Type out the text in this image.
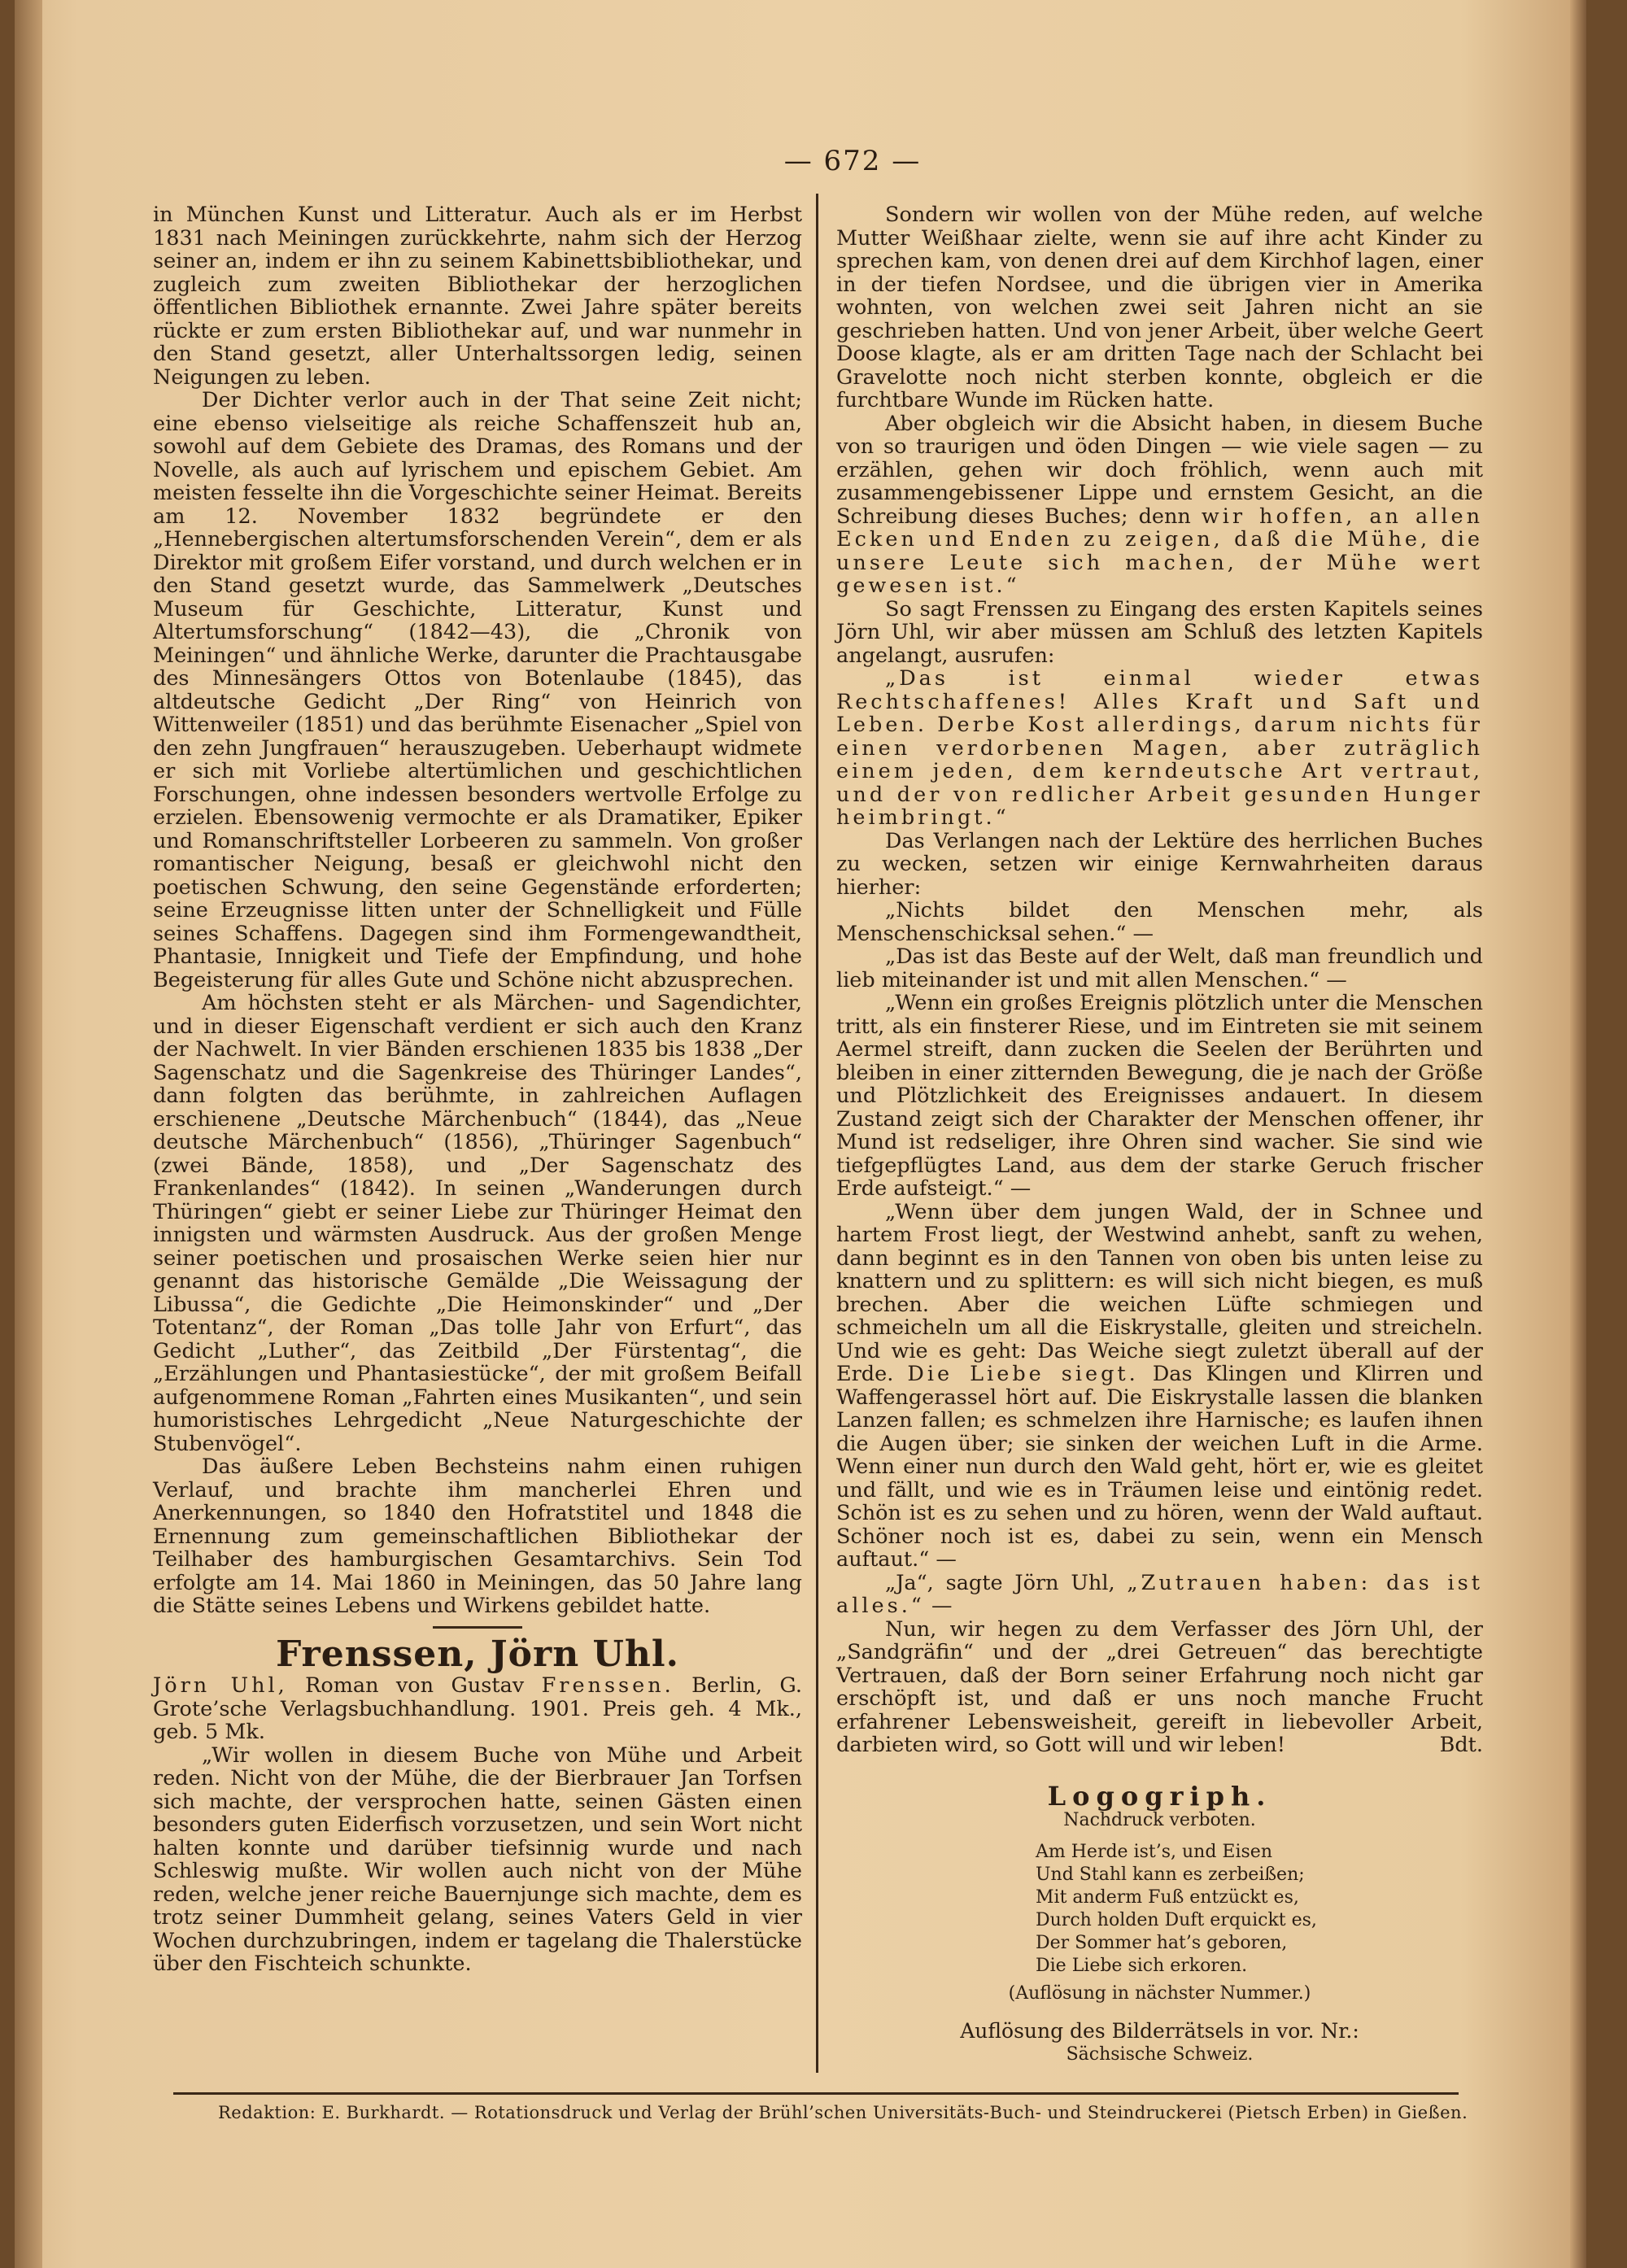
— 672 —

in München Kunst und Litteratur. Auch als er im Herbst 1831 nach Meiningen zurückkehrte, nahm sich der Herzog seiner an, indem er ihn zu seinem Kabinettsbibliothekar, und zugleich zum zweiten Bibliothekar der herzoglichen öffentlichen Bibliothek ernannte. Zwei Jahre später bereits rückte er zum ersten Bibliothekar auf, und war nunmehr in den Stand gesetzt, aller Unterhaltssorgen ledig, seinen Neigungen zu leben.

Der Dichter verlor auch in der That seine Zeit nicht; eine ebenso vielseitige als reiche Schaffenszeit hub an, sowohl auf dem Gebiete des Dramas, des Romans und der Novelle, als auch auf lyrischem und epischem Gebiet. Am meisten fesselte ihn die Vorgeschichte seiner Heimat. Bereits am 12. November 1832 begründete er den „Hennebergischen altertumsforschenden Verein“, dem er als Direktor mit großem Eifer vorstand, und durch welchen er in den Stand gesetzt wurde, das Sammelwerk „Deutsches Museum für Geschichte, Litteratur, Kunst und Altertumsforschung“ (1842—43), die „Chronik von Meiningen“ und ähnliche Werke, darunter die Prachtausgabe des Minnesängers Ottos von Botenlaube (1845), das altdeutsche Gedicht „Der Ring“ von Heinrich von Wittenweiler (1851) und das berühmte Eisenacher „Spiel von den zehn Jungfrauen“ herauszugeben. Ueberhaupt widmete er sich mit Vorliebe altertümlichen und geschichtlichen Forschungen, ohne indessen besonders wertvolle Erfolge zu erzielen. Ebensowenig vermochte er als Dramatiker, Epiker und Romanschriftsteller Lorbeeren zu sammeln. Von großer romantischer Neigung, besaß er gleichwohl nicht den poetischen Schwung, den seine Gegenstände erforderten; seine Erzeugnisse litten unter der Schnelligkeit und Fülle seines Schaffens. Dagegen sind ihm Formengewandtheit, Phantasie, Innigkeit und Tiefe der Empfindung, und hohe Begeisterung für alles Gute und Schöne nicht abzusprechen.

Am höchsten steht er als Märchen- und Sagendichter, und in dieser Eigenschaft verdient er sich auch den Kranz der Nachwelt. In vier Bänden erschienen 1835 bis 1838 „Der Sagenschatz und die Sagenkreise des Thüringer Landes“, dann folgten das berühmte, in zahlreichen Auflagen erschienene „Deutsche Märchenbuch“ (1844), das „Neue deutsche Märchenbuch“ (1856), „Thüringer Sagenbuch“ (zwei Bände, 1858), und „Der Sagenschatz des Frankenlandes“ (1842). In seinen „Wanderungen durch Thüringen“ giebt er seiner Liebe zur Thüringer Heimat den innigsten und wärmsten Ausdruck. Aus der großen Menge seiner poetischen und prosaischen Werke seien hier nur genannt das historische Gemälde „Die Weissagung der Libussa“, die Gedichte „Die Heimonskinder“ und „Der Totentanz“, der Roman „Das tolle Jahr von Erfurt“, das Gedicht „Luther“, das Zeitbild „Der Fürstentag“, die „Erzählungen und Phantasiestücke“, der mit großem Beifall aufgenommene Roman „Fahrten eines Musikanten“, und sein humoristisches Lehrgedicht „Neue Naturgeschichte der Stubenvögel“.

Das äußere Leben Bechsteins nahm einen ruhigen Verlauf, und brachte ihm mancherlei Ehren und Anerkennungen, so 1840 den Hofratstitel und 1848 die Ernennung zum gemeinschaftlichen Bibliothekar der Teilhaber des hamburgischen Gesamtarchivs. Sein Tod erfolgte am 14. Mai 1860 in Meiningen, das 50 Jahre lang die Stätte seines Lebens und Wirkens gebildet hatte.

Frenssen, Jörn Uhl.

Jörn Uhl, Roman von Gustav Frenssen. Berlin, G. Grote’sche Verlagsbuchhandlung. 1901. Preis geh. 4 Mk., geb. 5 Mk.

„Wir wollen in diesem Buche von Mühe und Arbeit reden. Nicht von der Mühe, die der Bierbrauer Jan Torfsen sich machte, der versprochen hatte, seinen Gästen einen besonders guten Eiderfisch vorzusetzen, und sein Wort nicht halten konnte und darüber tiefsinnig wurde und nach Schleswig mußte. Wir wollen auch nicht von der Mühe reden, welche jener reiche Bauernjunge sich machte, dem es trotz seiner Dummheit gelang, seines Vaters Geld in vier Wochen durchzubringen, indem er tagelang die Thalerstücke über den Fischteich schunkte.

Sondern wir wollen von der Mühe reden, auf welche Mutter Weißhaar zielte, wenn sie auf ihre acht Kinder zu sprechen kam, von denen drei auf dem Kirchhof lagen, einer in der tiefen Nordsee, und die übrigen vier in Amerika wohnten, von welchen zwei seit Jahren nicht an sie geschrieben hatten. Und von jener Arbeit, über welche Geert Doose klagte, als er am dritten Tage nach der Schlacht bei Gravelotte noch nicht sterben konnte, obgleich er die furchtbare Wunde im Rücken hatte.

Aber obgleich wir die Absicht haben, in diesem Buche von so traurigen und öden Dingen — wie viele sagen — zu erzählen, gehen wir doch fröhlich, wenn auch mit zusammengebissener Lippe und ernstem Gesicht, an die Schreibung dieses Buches; denn wir hoffen, an allen Ecken und Enden zu zeigen, daß die Mühe, die unsere Leute sich machen, der Mühe wert gewesen ist.“

So sagt Frenssen zu Eingang des ersten Kapitels seines Jörn Uhl, wir aber müssen am Schluß des letzten Kapitels angelangt, ausrufen:

„Das ist einmal wieder etwas Rechtschaffenes! Alles Kraft und Saft und Leben. Derbe Kost allerdings, darum nichts für einen verdorbenen Magen, aber zuträglich einem jeden, dem kerndeutsche Art vertraut, und der von redlicher Arbeit gesunden Hunger heimbringt.“

Das Verlangen nach der Lektüre des herrlichen Buches zu wecken, setzen wir einige Kernwahrheiten daraus hierher:

„Nichts bildet den Menschen mehr, als Menschenschicksal sehen.“ —

„Das ist das Beste auf der Welt, daß man freundlich und lieb miteinander ist und mit allen Menschen.“ —

„Wenn ein großes Ereignis plötzlich unter die Menschen tritt, als ein finsterer Riese, und im Eintreten sie mit seinem Aermel streift, dann zucken die Seelen der Berührten und bleiben in einer zitternden Bewegung, die je nach der Größe und Plötzlichkeit des Ereignisses andauert. In diesem Zustand zeigt sich der Charakter der Menschen offener, ihr Mund ist redseliger, ihre Ohren sind wacher. Sie sind wie tiefgepflügtes Land, aus dem der starke Geruch frischer Erde aufsteigt.“ —

„Wenn über dem jungen Wald, der in Schnee und hartem Frost liegt, der Westwind anhebt, sanft zu wehen, dann beginnt es in den Tannen von oben bis unten leise zu knattern und zu splittern: es will sich nicht biegen, es muß brechen. Aber die weichen Lüfte schmiegen und schmeicheln um all die Eiskrystalle, gleiten und streicheln. Und wie es geht: Das Weiche siegt zuletzt überall auf der Erde. Die Liebe siegt. Das Klingen und Klirren und Waffengerassel hört auf. Die Eiskrystalle lassen die blanken Lanzen fallen; es schmelzen ihre Harnische; es laufen ihnen die Augen über; sie sinken der weichen Luft in die Arme. Wenn einer nun durch den Wald geht, hört er, wie es gleitet und fällt, und wie es in Träumen leise und eintönig redet. Schön ist es zu sehen und zu hören, wenn der Wald auftaut. Schöner noch ist es, dabei zu sein, wenn ein Mensch auftaut.“ —

„Ja“, sagte Jörn Uhl, „Zutrauen haben: das ist alles.“ —

Nun, wir hegen zu dem Verfasser des Jörn Uhl, der „Sandgräfin“ und der „drei Getreuen“ das berechtigte Vertrauen, daß der Born seiner Erfahrung noch nicht gar erschöpft ist, und daß er uns noch manche Frucht erfahrener Lebensweisheit, gereift in liebevoller Arbeit, darbieten wird, so Gott will und wir leben!	Bdt.

Logogriph.
Nachdruck verboten.
Am Herde ist’s, und Eisen
Und Stahl kann es zerbeißen;
Mit anderm Fuß entzückt es,
Durch holden Duft erquickt es,
Der Sommer hat’s geboren,
Die Liebe sich erkoren.
(Auflösung in nächster Nummer.)
Auflösung des Bilderrätsels in vor. Nr.:
Sächsische Schweiz.
Redaktion: E. Burkhardt. — Rotationsdruck und Verlag der Brühl’schen Universitäts-Buch- und Steindruckerei (Pietsch Erben) in Gießen.
